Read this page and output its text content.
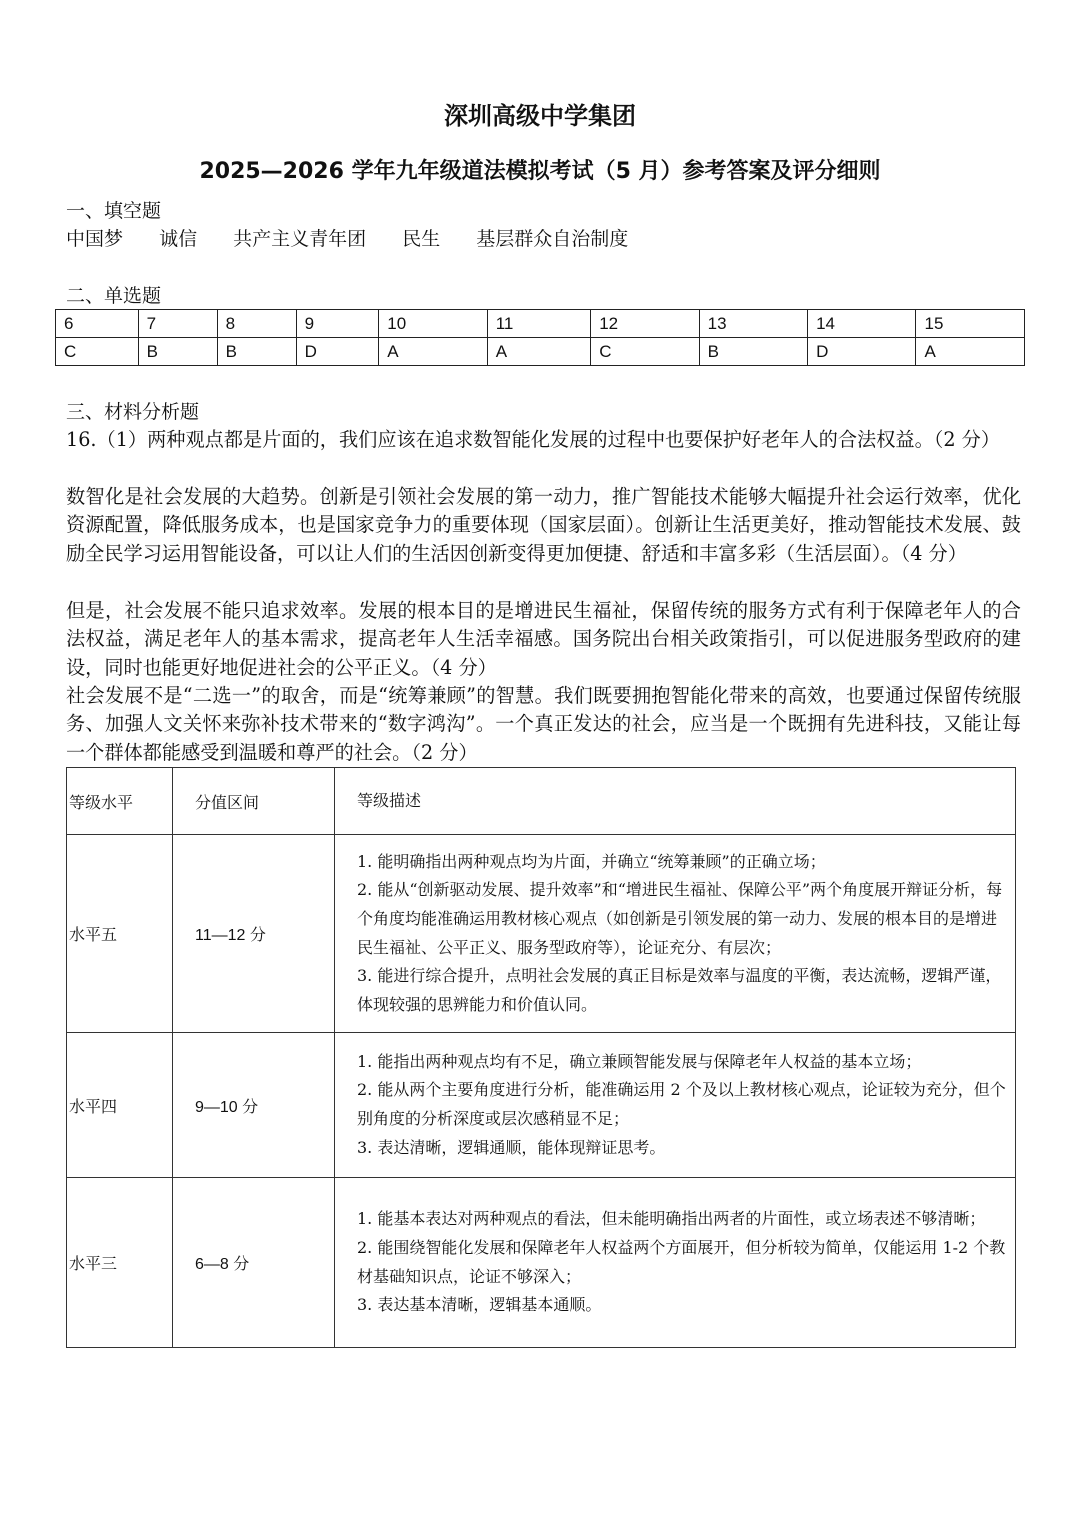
深圳高级中学集团
2025—2026 学年九年级道法模拟考试（5 月）参考答案及评分细则
一、填空题
中国梦 诚信 共产主义青年团 民生 基层群众自治制度
二、单选题
6	7	8	9	10	11	12	13	14	15
C	B	B	D	A	A	C	B	D	A
三、材料分析题
16.（1）两种观点都是片面的，我们应该在追求数智能化发展的过程中也要保护好老年人的合法权益。（2 分）
数智化是社会发展的大趋势。创新是引领社会发展的第一动力，推广智能技术能够大幅提升社会运行效率，优化资源配置，降低服务成本，也是国家竞争力的重要体现（国家层面）。创新让生活更美好，推动智能技术发展、鼓励全民学习运用智能设备，可以让人们的生活因创新变得更加便捷、舒适和丰富多彩（生活层面）。（4 分）
但是，社会发展不能只追求效率。发展的根本目的是增进民生福祉，保留传统的服务方式有利于保障老年人的合法权益，满足老年人的基本需求，提高老年人生活幸福感。国务院出台相关政策指引，可以促进服务型政府的建设，同时也能更好地促进社会的公平正义。（4 分）
社会发展不是“二选一”的取舍，而是“统筹兼顾”的智慧。我们既要拥抱智能化带来的高效，也要通过保留传统服务、加强人文关怀来弥补技术带来的“数字鸿沟”。一个真正发达的社会，应当是一个既拥有先进科技，又能让每一个群体都能感受到温暖和尊严的社会。（2 分）
等级水平	分值区间	等级描述
水平五	11—12 分	1. 能明确指出两种观点均为片面，并确立“统筹兼顾”的正确立场；
2. 能从“创新驱动发展、提升效率”和“增进民生福祉、保障公平”两个角度展开辩证分析，每个角度均能准确运用教材核心观点（如创新是引领发展的第一动力、发展的根本目的是增进民生福祉、公平正义、服务型政府等），论证充分、有层次；
3. 能进行综合提升，点明社会发展的真正目标是效率与温度的平衡，表达流畅，逻辑严谨，体现较强的思辨能力和价值认同。

水平四	9—10 分	1. 能指出两种观点均有不足，确立兼顾智能发展与保障老年人权益的基本立场；
2. 能从两个主要角度进行分析，能准确运用 2 个及以上教材核心观点，论证较为充分，但个别角度的分析深度或层次感稍显不足；
3. 表达清晰，逻辑通顺，能体现辩证思考。

水平三	6—8 分	1. 能基本表达对两种观点的看法，但未能明确指出两者的片面性，或立场表述不够清晰；
2. 能围绕智能化发展和保障老年人权益两个方面展开，但分析较为简单，仅能运用 1-2 个教材基础知识点，论证不够深入；
3. 表达基本清晰，逻辑基本通顺。
